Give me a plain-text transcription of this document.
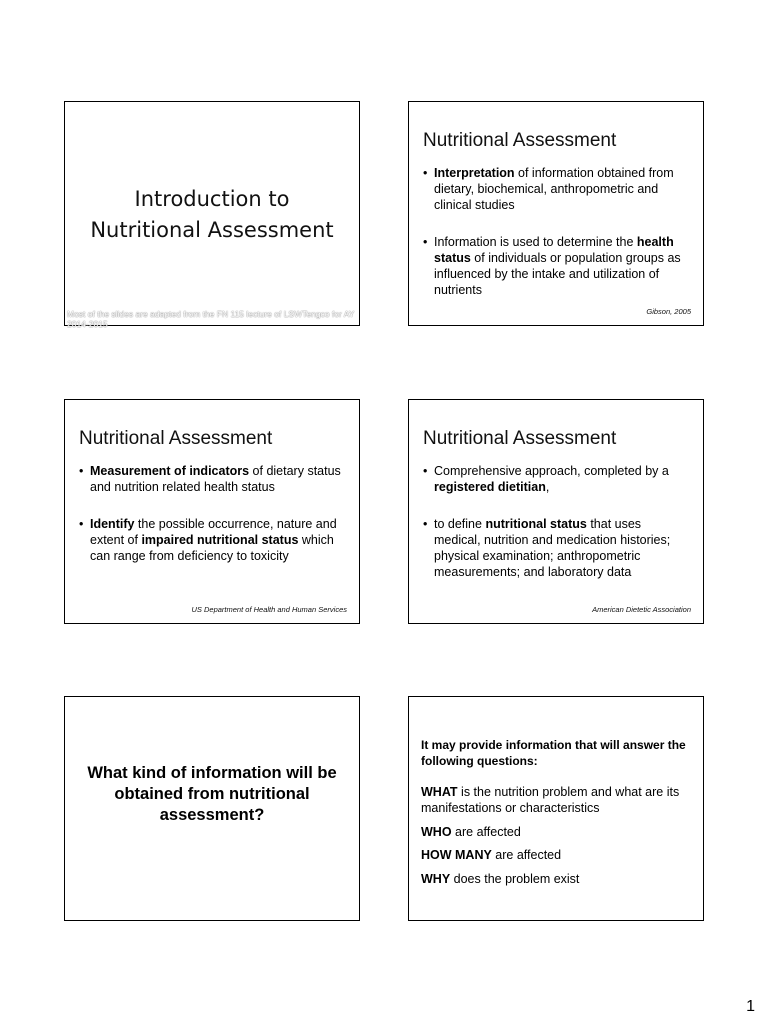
Introduction to
Nutritional Assessment
Most of the slides are adapted from the FN 115 lecture of LSWTengco for AY 2014-2015
Nutritional Assessment
• Interpretation of information obtained from dietary, biochemical, anthropometric and clinical studies
• Information is used to determine the health status of individuals or population groups as influenced by the intake and utilization of nutrients
Gibson, 2005
Nutritional Assessment
• Measurement of indicators of dietary status and nutrition related health status
• Identify the possible occurrence, nature and extent of impaired nutritional status which can range from deficiency to toxicity
US Department of Health and Human Services
Nutritional Assessment
• Comprehensive approach, completed by a registered dietitian,
• to define nutritional status that uses medical, nutrition and medication histories; physical examination; anthropometric measurements; and laboratory data
American Dietetic Association
What kind of information will be obtained from nutritional assessment?
It may provide information that will answer the following questions:
WHAT is the nutrition problem and what are its manifestations or characteristics
WHO are affected
HOW MANY are affected
WHY does the problem exist
1
